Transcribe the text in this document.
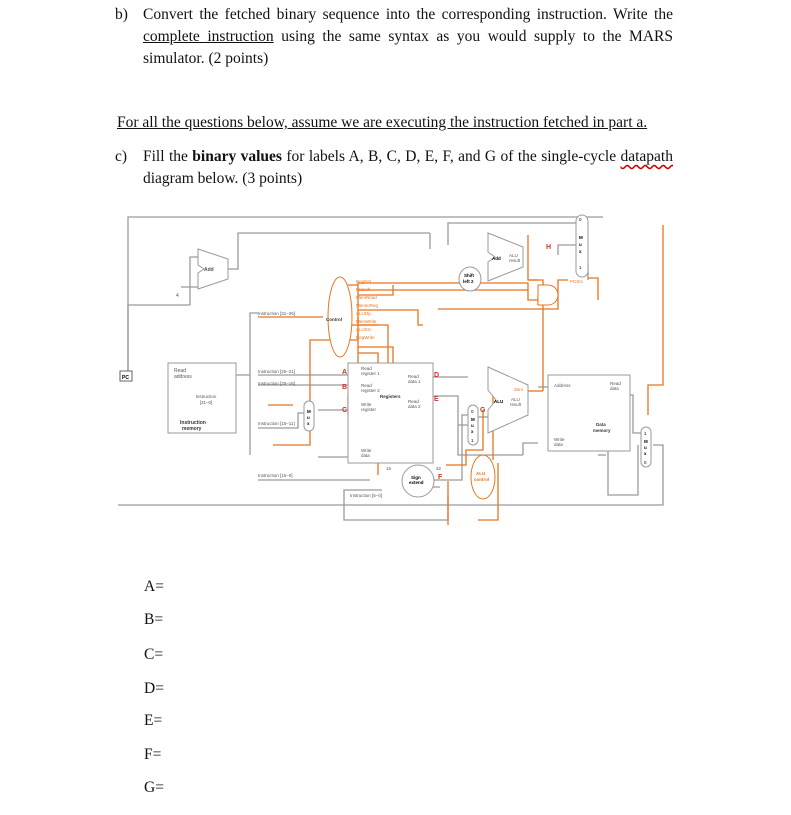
b) Convert the fetched binary sequence into the corresponding instruction. Write the complete instruction using the same syntax as you would supply to the MARS simulator. (2 points)
For all the questions below, assume we are executing the instruction fetched in part a.
c) Fill the binary values for labels A, B, C, D, E, F, and G of the single-cycle datapath diagram below. (3 points)
Read
address
Instruction
[31–0]
Instruction
memory
PC
Add
4
Control
RegDst
Branch
MemRead
MemtoReg
ALUOp
MemWrite
ALUSrc
RegWrite
Instruction [31–26]
Instruction [25–21]
Instruction [20–16]
Instruction [15–11]
Instruction [15–0]
Instruction [5–0]
M
u
x
Read
register 1
Read
register 2
Write
register
Write
data
Read
data 1
Read
data 2
Registers
Sign
extend
16	32
0
M
u
x
1
ALU ALU
result
Zero
ALU
control
Shift
left 2
Add
ALU
result
0
M
u
x
1
PCSrc
Address	Read
data
Write
data
Data
memory
1
M
u
x
0
A
B
C
D
E
F
G
H
A=
B=
C=
D=
E=
F=
G=
